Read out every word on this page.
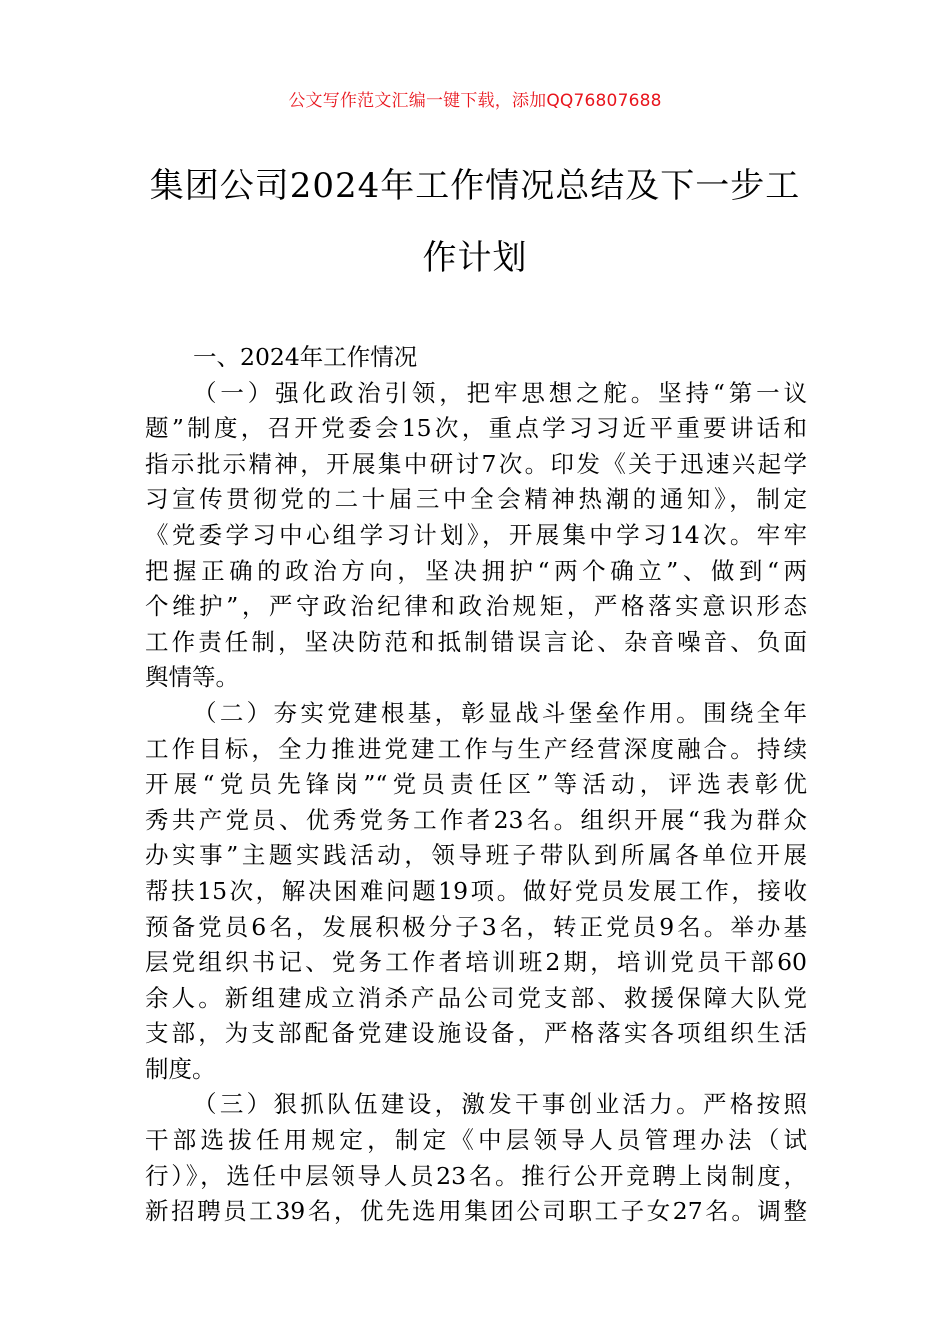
公文写作范文汇编一键下载，添加QQ76807688
集团公司2024年工作情况总结及下一步工
作计划
一、2024年工作情况
（一）强化政治引领，把牢思想之舵。坚持“第一议
题”制度，召开党委会15次，重点学习习近平重要讲话和
指示批示精神，开展集中研讨7次。印发《关于迅速兴起学
习宣传贯彻党的二十届三中全会精神热潮的通知》，制定
《党委学习中心组学习计划》，开展集中学习14次。牢牢
把握正确的政治方向，坚决拥护“两个确立”、做到“两
个维护”，严守政治纪律和政治规矩，严格落实意识形态
工作责任制，坚决防范和抵制错误言论、杂音噪音、负面
舆情等。
（二）夯实党建根基，彰显战斗堡垒作用。围绕全年
工作目标，全力推进党建工作与生产经营深度融合。持续
开展“党员先锋岗”“党员责任区”等活动，评选表彰优
秀共产党员、优秀党务工作者23名。组织开展“我为群众
办实事”主题实践活动，领导班子带队到所属各单位开展
帮扶15次，解决困难问题19项。做好党员发展工作，接收
预备党员6名，发展积极分子3名，转正党员9名。举办基
层党组织书记、党务工作者培训班2期，培训党员干部60
余人。新组建成立消杀产品公司党支部、救援保障大队党
支部，为支部配备党建设施设备，严格落实各项组织生活
制度。
（三）狠抓队伍建设，激发干事创业活力。严格按照
干部选拔任用规定，制定《中层领导人员管理办法（试
行）》，选任中层领导人员23名。推行公开竞聘上岗制度，
新招聘员工39名，优先选用集团公司职工子女27名。调整
